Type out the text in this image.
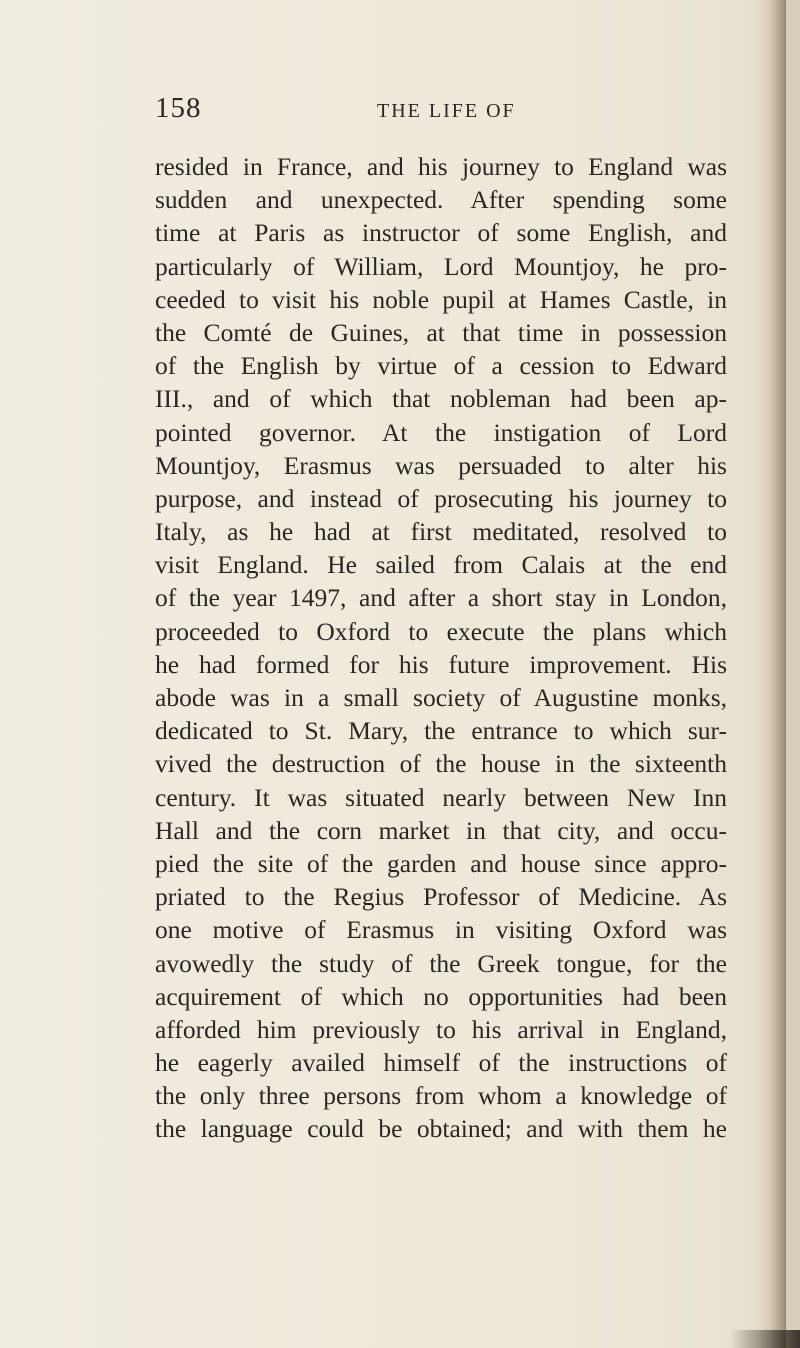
158	THE LIFE OF
resided in France, and his journey to England was
sudden and unexpected. After spending some
time at Paris as instructor of some English, and
particularly of William, Lord Mountjoy, he pro-
ceeded to visit his noble pupil at Hames Castle, in
the Comté de Guines, at that time in possession
of the English by virtue of a cession to Edward
III., and of which that nobleman had been ap-
pointed governor. At the instigation of Lord
Mountjoy, Erasmus was persuaded to alter his
purpose, and instead of prosecuting his journey to
Italy, as he had at first meditated, resolved to
visit England. He sailed from Calais at the end
of the year 1497, and after a short stay in London,
proceeded to Oxford to execute the plans which
he had formed for his future improvement. His
abode was in a small society of Augustine monks,
dedicated to St. Mary, the entrance to which sur-
vived the destruction of the house in the sixteenth
century. It was situated nearly between New Inn
Hall and the corn market in that city, and occu-
pied the site of the garden and house since appro-
priated to the Regius Professor of Medicine. As
one motive of Erasmus in visiting Oxford was
avowedly the study of the Greek tongue, for the
acquirement of which no opportunities had been
afforded him previously to his arrival in England,
he eagerly availed himself of the instructions of
the only three persons from whom a knowledge of
the language could be obtained; and with them he
